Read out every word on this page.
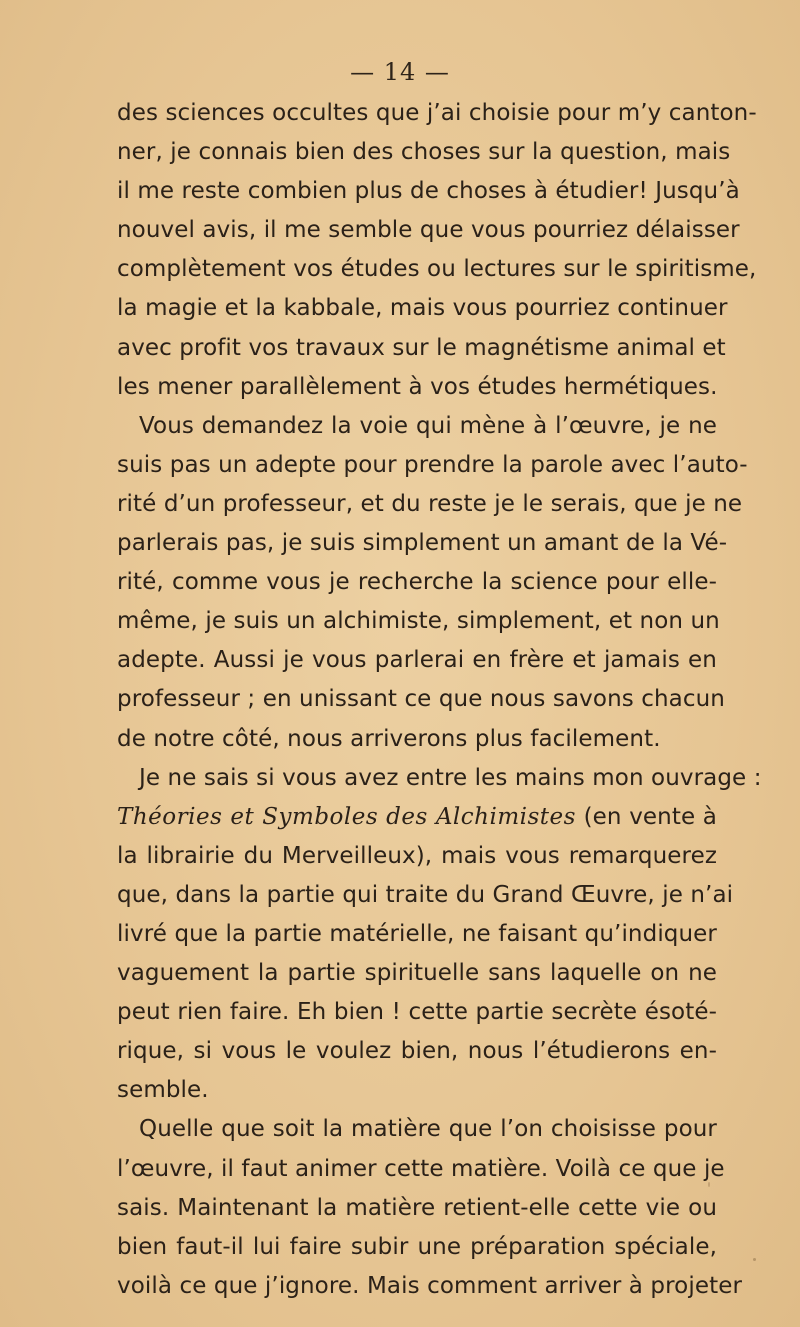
— 14 —
des sciences occultes que j’ai choisie pour m’y canton-
ner, je connais bien des choses sur la question, mais
il me reste combien plus de choses à étudier! Jusqu’à
nouvel avis, il me semble que vous pourriez délaisser
complètement vos études ou lectures sur le spiritisme,
la magie et la kabbale, mais vous pourriez continuer
avec profit vos travaux sur le magnétisme animal et
les mener parallèlement à vos études hermétiques.
Vous demandez la voie qui mène à l’œuvre, je ne
suis pas un adepte pour prendre la parole avec l’auto-
rité d’un professeur, et du reste je le serais, que je ne
parlerais pas, je suis simplement un amant de la Vé-
rité, comme vous je recherche la science pour elle-
même, je suis un alchimiste, simplement, et non un
adepte. Aussi je vous parlerai en frère et jamais en
professeur ; en unissant ce que nous savons chacun
de notre côté, nous arriverons plus facilement.
Je ne sais si vous avez entre les mains mon ouvrage :
Théories et Symboles des Alchimistes (en vente à
la librairie du Merveilleux), mais vous remarquerez
que, dans la partie qui traite du Grand Œuvre, je n’ai
livré que la partie matérielle, ne faisant qu’indiquer
vaguement la partie spirituelle sans laquelle on ne
peut rien faire. Eh bien ! cette partie secrète ésoté-
rique, si vous le voulez bien, nous l’étudierons en-
semble.
Quelle que soit la matière que l’on choisisse pour
l’œuvre, il faut animer cette matière. Voilà ce que je
sais. Maintenant la matière retient-elle cette vie ou
bien faut-il lui faire subir une préparation spéciale,
voilà ce que j’ignore. Mais comment arriver à projeter
